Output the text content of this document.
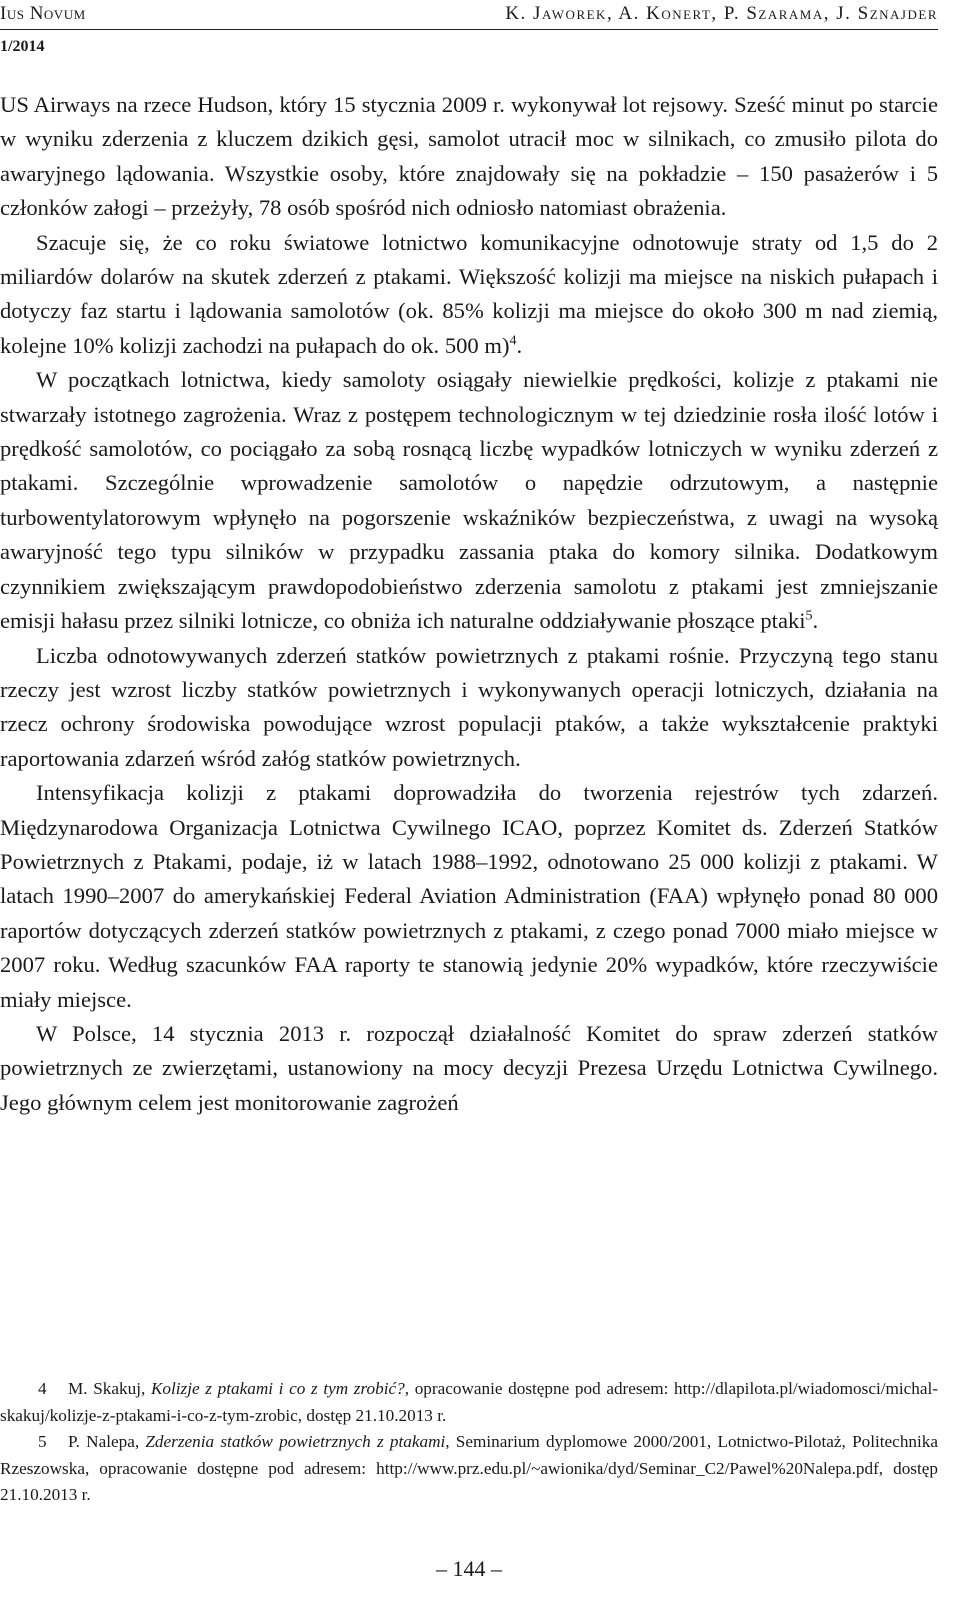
Ius Novum	K. Jaworek, A. Konert, P. Szarama, J. Sznajder
1/2014

US Airways na rzece Hudson, który 15 stycznia 2009 r. wykonywał lot rejsowy. Sześć minut po starcie w wyniku zderzenia z kluczem dzikich gęsi, samolot utracił moc w silnikach, co zmusiło pilota do awaryjnego lądowania. Wszystkie osoby, które znajdowały się na pokładzie – 150 pasażerów i 5 członków załogi – przeżyły, 78 osób spośród nich odniosło natomiast obrażenia.

Szacuje się, że co roku światowe lotnictwo komunikacyjne odnotowuje straty od 1,5 do 2 miliardów dolarów na skutek zderzeń z ptakami. Większość kolizji ma miejsce na niskich pułapach i dotyczy faz startu i lądowania samolotów (ok. 85% kolizji ma miejsce do około 300 m nad ziemią, kolejne 10% kolizji zachodzi na pułapach do ok. 500 m)$^4$.

W początkach lotnictwa, kiedy samoloty osiągały niewielkie prędkości, kolizje z ptakami nie stwarzały istotnego zagrożenia. Wraz z postępem technologicznym w tej dziedzinie rosła ilość lotów i prędkość samolotów, co pociągało za sobą rosnącą liczbę wypadków lotniczych w wyniku zderzeń z ptakami. Szczególnie wprowadzenie samolotów o napędzie odrzutowym, a następnie turbowentylatorowym wpłynęło na pogorszenie wskaźników bezpieczeństwa, z uwagi na wysoką awaryjność tego typu silników w przypadku zassania ptaka do komory silnika. Dodatkowym czynnikiem zwiększającym prawdopodobieństwo zderzenia samolotu z ptakami jest zmniejszanie emisji hałasu przez silniki lotnicze, co obniża ich naturalne oddziaływanie płoszące ptaki$^5$.

Liczba odnotowywanych zderzeń statków powietrznych z ptakami rośnie. Przyczyną tego stanu rzeczy jest wzrost liczby statków powietrznych i wykonywanych operacji lotniczych, działania na rzecz ochrony środowiska powodujące wzrost populacji ptaków, a także wykształcenie praktyki raportowania zdarzeń wśród załóg statków powietrznych.

Intensyfikacja kolizji z ptakami doprowadziła do tworzenia rejestrów tych zdarzeń. Międzynarodowa Organizacja Lotnictwa Cywilnego ICAO, poprzez Komitet ds. Zderzeń Statków Powietrznych z Ptakami, podaje, iż w latach 1988–1992, odnotowano 25 000 kolizji z ptakami. W latach 1990–2007 do amerykańskiej Federal Aviation Administration (FAA) wpłynęło ponad 80 000 raportów dotyczących zderzeń statków powietrznych z ptakami, z czego ponad 7000 miało miejsce w 2007 roku. Według szacunków FAA raporty te stanowią jedynie 20% wypadków, które rzeczywiście miały miejsce.

W Polsce, 14 stycznia 2013 r. rozpoczął działalność Komitet do spraw zderzeń statków powietrznych ze zwierzętami, ustanowiony na mocy decyzji Prezesa Urzędu Lotnictwa Cywilnego. Jego głównym celem jest monitorowanie zagrożeń

4 M. Skakuj, Kolizje z ptakami i co z tym zrobić?, opracowanie dostępne pod adresem: http://dlapilota.pl/wiadomosci/michal-skakuj/kolizje-z-ptakami-i-co-z-tym-zrobic, dostęp 21.10.2013 r.

5 P. Nalepa, Zderzenia statków powietrznych z ptakami, Seminarium dyplomowe 2000/2001, Lotnictwo-Pilotaż, Politechnika Rzeszowska, opracowanie dostępne pod adresem: http://www.prz.edu.pl/~awionika/dyd/Seminar_C2/Pawel%20Nalepa.pdf, dostęp 21.10.2013 r.

– 144 –
